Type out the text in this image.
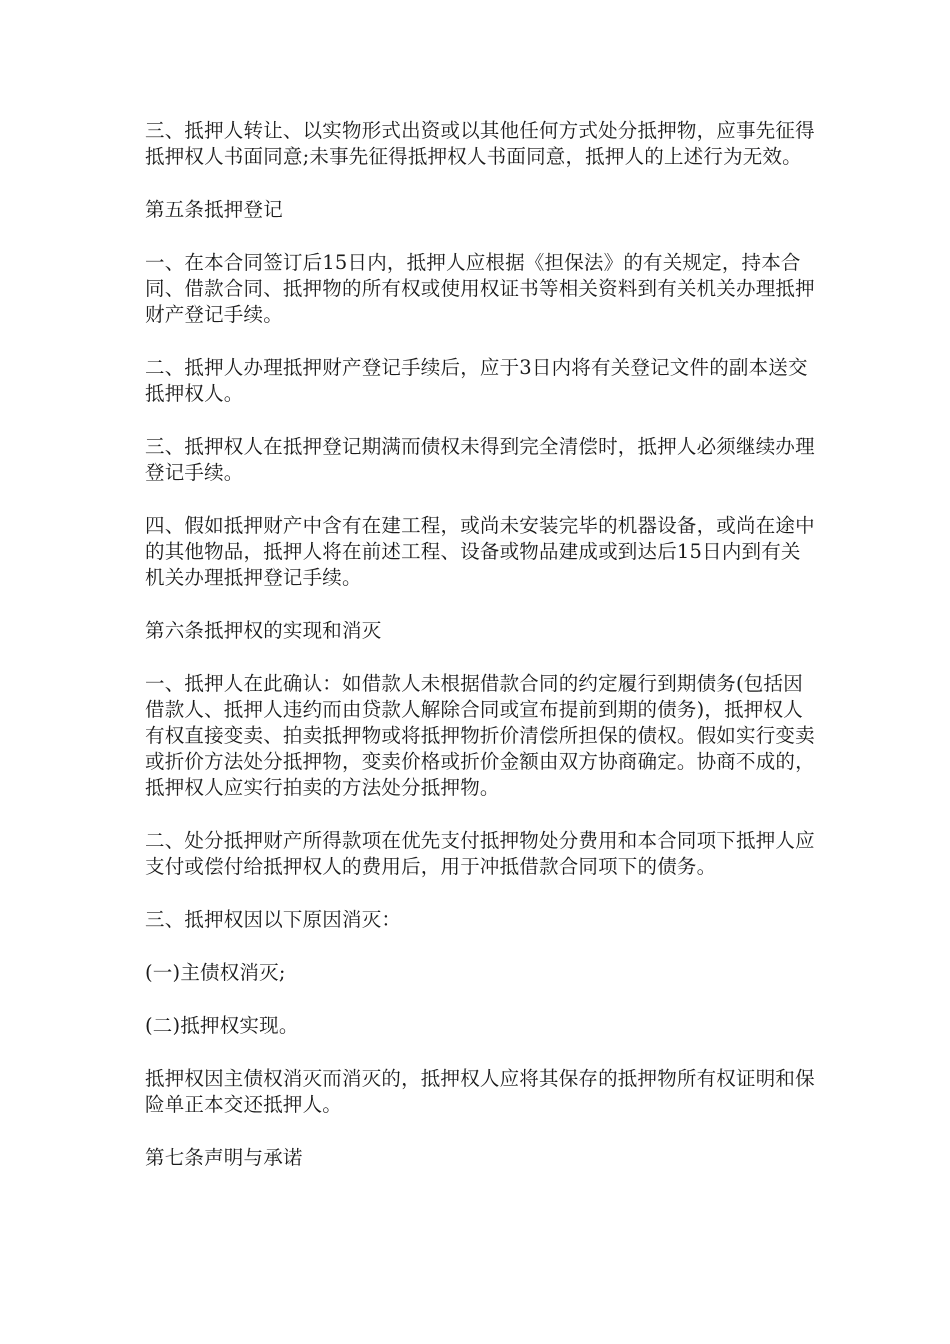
三、抵押人转让、以实物形式出资或以其他任何方式处分抵押物，应事先征得抵押权人书面同意;未事先征得抵押权人书面同意，抵押人的上述行为无效。

第五条抵押登记

一、在本合同签订后15日内，抵押人应根据《担保法》的有关规定，持本合同、借款合同、抵押物的所有权或使用权证书等相关资料到有关机关办理抵押财产登记手续。

二、抵押人办理抵押财产登记手续后，应于3日内将有关登记文件的副本送交抵押权人。

三、抵押权人在抵押登记期满而债权未得到完全清偿时，抵押人必须继续办理登记手续。

四、假如抵押财产中含有在建工程，或尚未安装完毕的机器设备，或尚在途中的其他物品，抵押人将在前述工程、设备或物品建成或到达后15日内到有关机关办理抵押登记手续。

第六条抵押权的实现和消灭

一、抵押人在此确认：如借款人未根据借款合同的约定履行到期债务(包括因借款人、抵押人违约而由贷款人解除合同或宣布提前到期的债务)，抵押权人有权直接变卖、拍卖抵押物或将抵押物折价清偿所担保的债权。假如实行变卖或折价方法处分抵押物，变卖价格或折价金额由双方协商确定。协商不成的，抵押权人应实行拍卖的方法处分抵押物。

二、处分抵押财产所得款项在优先支付抵押物处分费用和本合同项下抵押人应支付或偿付给抵押权人的费用后，用于冲抵借款合同项下的债务。

三、抵押权因以下原因消灭：

(一)主债权消灭;

(二)抵押权实现。

抵押权因主债权消灭而消灭的，抵押权人应将其保存的抵押物所有权证明和保险单正本交还抵押人。

第七条声明与承诺
